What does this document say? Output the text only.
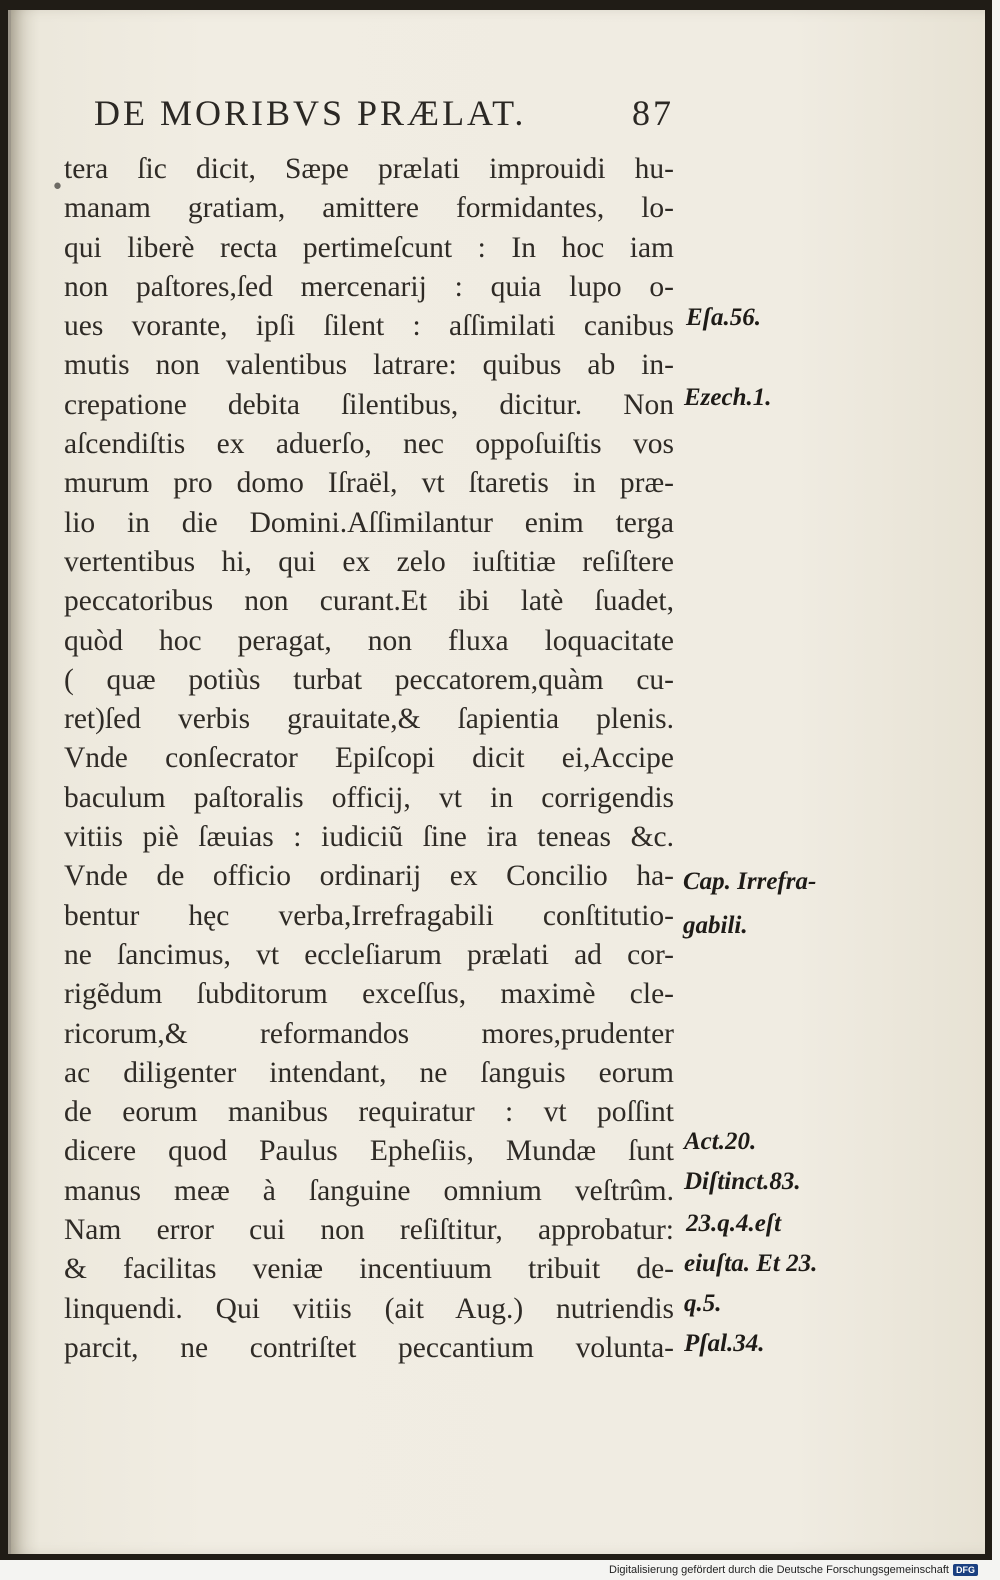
•
DE MORIBVS PRÆLAT.	87
tera ſic dicit, Sæpe prælati improuidi hu-
manam gratiam, amittere formidantes, lo-
qui liberè recta pertimeſcunt : In hoc iam
non paſtores,ſed mercenarij : quia lupo o-
ues vorante, ipſi ſilent : aſſimilati canibus
mutis non valentibus latrare: quibus ab in-
crepatione debita ſilentibus, dicitur. Non
aſcendiſtis ex aduerſo, nec oppoſuiſtis vos
murum pro domo Iſraël, vt ſtaretis in præ-
lio in die Domini.Aſſimilantur enim terga
vertentibus hi, qui ex zelo iuſtitiæ reſiſtere
peccatoribus non curant.Et ibi latè ſuadet,
quòd hoc peragat, non fluxa loquacitate
( quæ potiùs turbat peccatorem,quàm cu-
ret)ſed verbis grauitate,& ſapientia plenis.
Vnde conſecrator Epiſcopi dicit ei,Accipe
baculum paſtoralis officij, vt in corrigendis
vitiis piè ſæuias : iudiciũ ſine ira teneas &c.
Vnde de officio ordinarij ex Concilio ha-
bentur hęc verba,Irrefragabili conſtitutio-
ne ſancimus, vt eccleſiarum prælati ad cor-
rigẽdum ſubditorum exceſſus, maximè cle-
ricorum,& reformandos mores,prudenter
ac diligenter intendant, ne ſanguis eorum
de eorum manibus requiratur : vt poſſint
dicere quod Paulus Epheſiis, Mundæ ſunt
manus meæ à ſanguine omnium veſtrûm.
Nam error cui non reſiſtitur, approbatur:
& facilitas veniæ incentiuum tribuit de-
linquendi. Qui vitiis (ait Aug.) nutriendis
parcit, ne contriſtet peccantium volunta-
Eſa.56.
Ezech.1.
Cap. Irrefra-
gabili.
Act.20.
Diſtinct.83.
23.q.4.eſt
eiuſta. Et 23.
q.5.
Pſal.34.
Digitalisierung gefördert durch die Deutsche Forschungsgemeinschaft DFG
